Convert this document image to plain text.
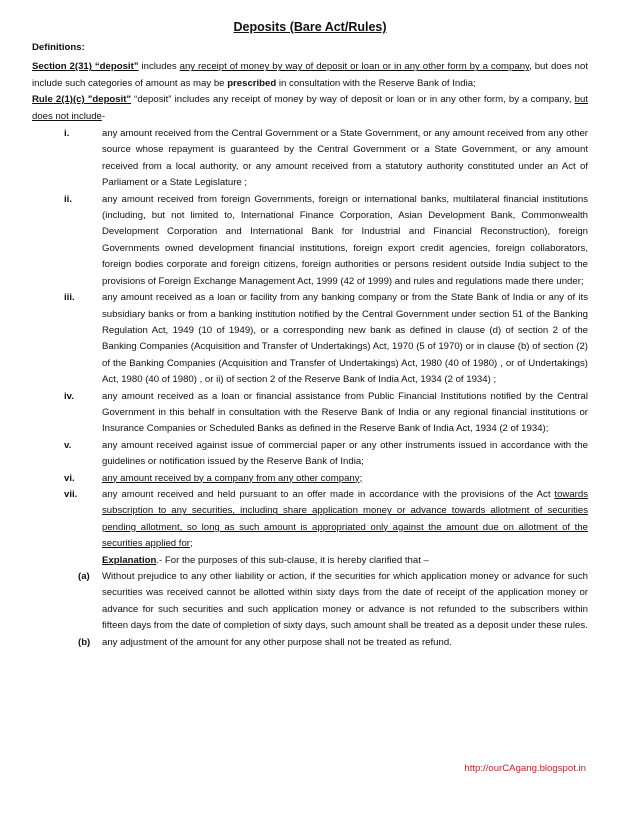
Deposits (Bare Act/Rules)
Definitions:

Section 2(31) “deposit” includes any receipt of money by way of deposit or loan or in any other form by a company, but does not include such categories of amount as may be prescribed in consultation with the Reserve Bank of India;

Rule 2(1)(c) "deposit" “deposit” includes any receipt of money by way of deposit or loan or in any other form, by a company, but does not include-

i.	any amount received from the Central Government or a State Government, or any amount received from any other source whose repayment is guaranteed by the Central Government or a State Government, or any amount received from a local authority, or any amount received from a statutory authority constituted under an Act of Parliament or a State Legislature ;
ii.	any amount received from foreign Governments, foreign or international banks, multilateral financial institutions (including, but not limited to, International Finance Corporation, Asian Development Bank, Commonwealth Development Corporation and International Bank for Industrial and Financial Reconstruction), foreign Governments owned development financial institutions, foreign export credit agencies, foreign collaborators, foreign bodies corporate and foreign citizens, foreign authorities or persons resident outside India subject to the provisions of Foreign Exchange Management Act, 1999 (42 of 1999) and rules and regulations made there under;
iii.	any amount received as a loan or facility from any banking company or from the State Bank of India or any of its subsidiary banks or from a banking institution notified by the Central Government under section 51 of the Banking Regulation Act, 1949 (10 of 1949), or a corresponding new bank as defined in clause (d) of section 2 of the Banking Companies (Acquisition and Transfer of Undertakings) Act, 1970 (5 of 1970) or in clause (b) of section (2) of the Banking Companies (Acquisition and Transfer of Undertakings) Act, 1980 (40 of 1980) , or of Undertakings) Act, 1980 (40 of 1980) , or ii) of section 2 of the Reserve Bank of India Act, 1934 (2 of 1934) ;
iv.	any amount received as a loan or financial assistance from Public Financial Institutions notified by the Central Government in this behalf in consultation with the Reserve Bank of India or any regional financial institutions or Insurance Companies or Scheduled Banks as defined in the Reserve Bank of India Act, 1934 (2 of 1934);
v.	any amount received against issue of commercial paper or any other instruments issued in accordance with the guidelines or notification issued by the Reserve Bank of India;
vi.	any amount received by a company from any other company;
vii.	any amount received and held pursuant to an offer made in accordance with the provisions of the Act towards subscription to any securities, including share application money or advance towards allotment of securities pending allotment, so long as such amount is appropriated only against the amount due on allotment of the securities applied for;
Explanation.- For the purposes of this sub-clause, it is hereby clarified that –
(a)	Without prejudice to any other liability or action, if the securities for which application money or advance for such securities was received cannot be allotted within sixty days from the date of receipt of the application money or advance for such securities and such application money or advance is not refunded to the subscribers within fifteen days from the date of completion of sixty days, such amount shall be treated as a deposit under these rules.
(b)	any adjustment of the amount for any other purpose shall not be treated as refund.
http://ourCAgang.blogspot.in
